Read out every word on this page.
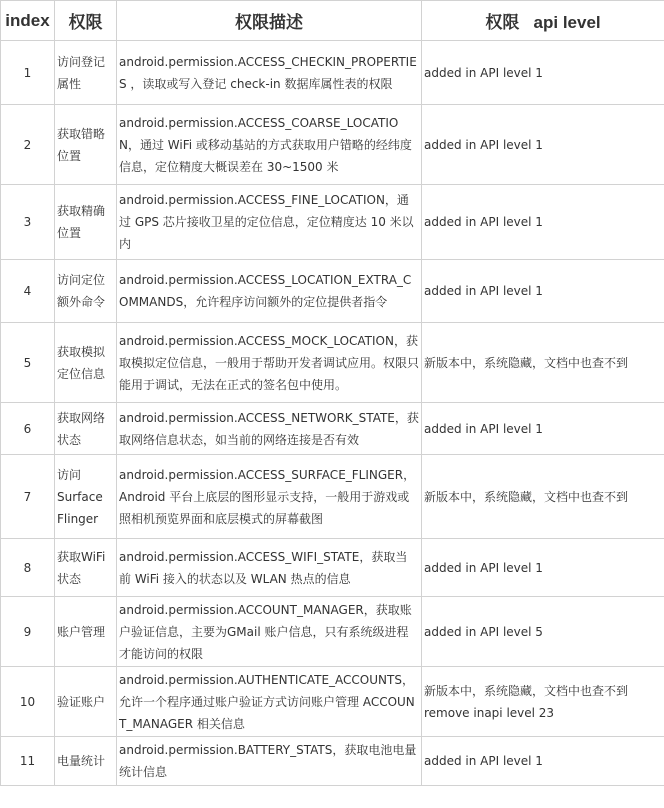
index	权限	权限描述	权限   api level
1	访问登记属性	android.permission.ACCESS_CHECKIN_PROPERTIES ，读取或写入登记 check-in 数据库属性表的权限	added in API level 1

2	获取错略位置	android.permission.ACCESS_COARSE_LOCATION，通过 WiFi 或移动基站的方式获取用户错略的经纬度信息，定位精度大概误差在 30~1500 米	added in API level 1

3	获取精确位置	android.permission.ACCESS_FINE_LOCATION，通过 GPS 芯片接收卫星的定位信息，定位精度达 10 米以内	added in API level 1

4	访问定位额外命令	android.permission.ACCESS_LOCATION_EXTRA_COMMANDS，允许程序访问额外的定位提供者指令	added in API level 1

5	获取模拟定位信息	android.permission.ACCESS_MOCK_LOCATION，获取模拟定位信息，一般用于帮助开发者调试应用。权限只能用于调试，无法在正式的签名包中使用。	新版本中，系统隐藏，文档中也查不到

6	获取网络状态	android.permission.ACCESS_NETWORK_STATE，获取网络信息状态，如当前的网络连接是否有效	added in API level 1

7	访问 Surface Flinger	android.permission.ACCESS_SURFACE_FLINGER，Android 平台上底层的图形显示支持，一般用于游戏或照相机预览界面和底层模式的屏幕截图	新版本中，系统隐藏，文档中也查不到

8	获取WiFi状态	android.permission.ACCESS_WIFI_STATE，获取当前 WiFi 接入的状态以及 WLAN 热点的信息	added in API level 1

9	账户管理	android.permission.ACCOUNT_MANAGER，获取账户验证信息，主要为GMail 账户信息，只有系统级进程才能访问的权限	added in API level 5

10	验证账户	android.permission.AUTHENTICATE_ACCOUNTS，允许一个程序通过账户验证方式访问账户管理 ACCOUNT_MANAGER 相关信息	新版本中，系统隐藏，文档中也查不到
remove inapi level 23

11	电量统计	android.permission.BATTERY_STATS，获取电池电量统计信息	added in API level 1
